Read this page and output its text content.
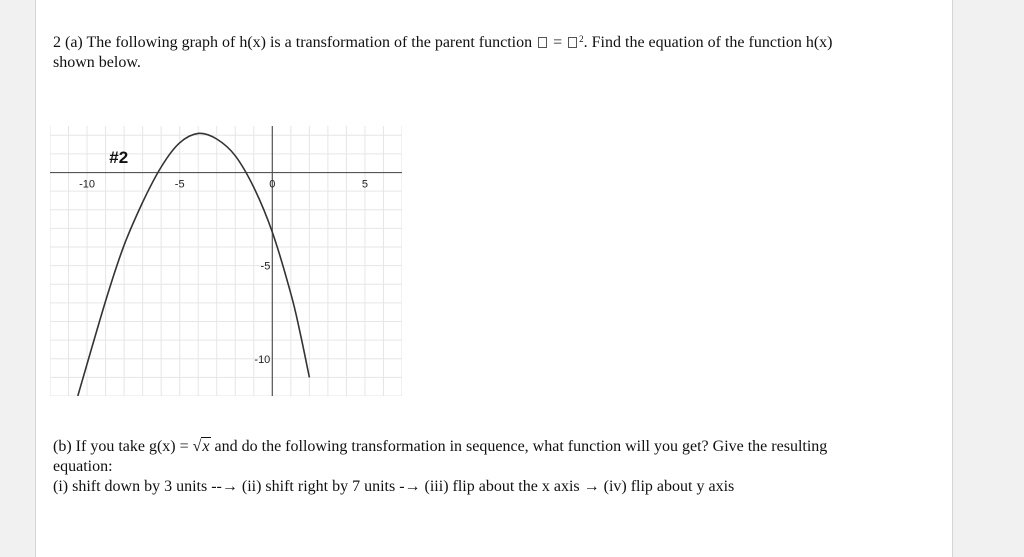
2 (a) The following graph of h(x) is a transformation of the parent function = $^2$. Find the equation of the function h(x) shown below.
#2
-10	-5	0	5
-5
-10
(b) If you take g(x) = √x and do the following transformation in sequence, what function will you get? Give the resulting equation:
(i) shift down by 3 units --→ (ii) shift right by 7 units -→ (iii) flip about the x axis → (iv) flip about y axis
